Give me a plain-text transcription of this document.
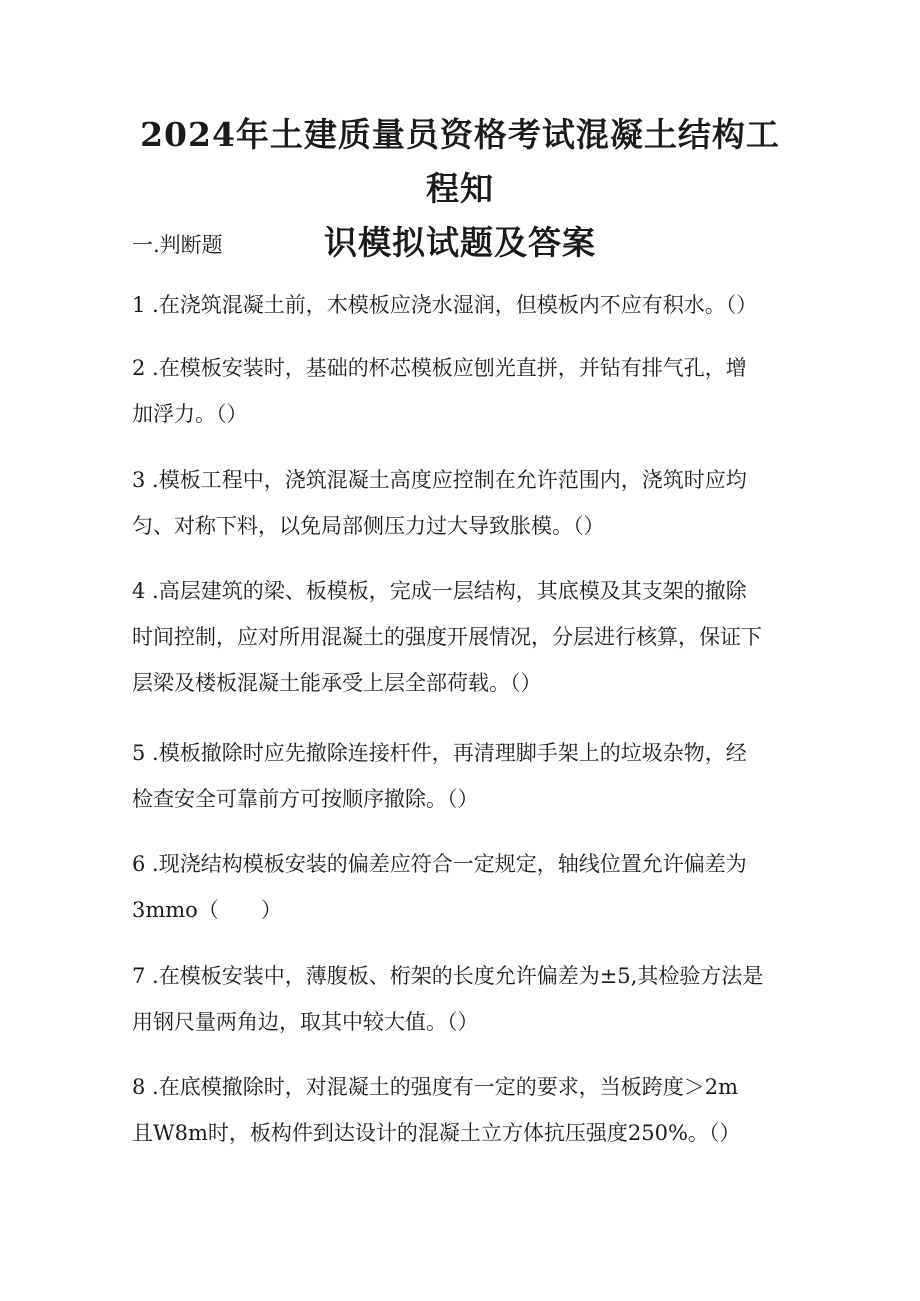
2024年土建质量员资格考试混凝土结构工程知
识模拟试题及答案
一.判断题
1 .在浇筑混凝土前，木模板应浇水湿润，但模板内不应有积水。（）
2 .在模板安装时，基础的杯芯模板应刨光直拼，并钻有排气孔，增
加浮力。（）
3 .模板工程中，浇筑混凝土高度应控制在允许范围内，浇筑时应均
匀、对称下料，以免局部侧压力过大导致胀模。（）
4 .高层建筑的梁、板模板，完成一层结构，其底模及其支架的撤除
时间控制，应对所用混凝土的强度开展情况，分层进行核算，保证下
层梁及楼板混凝土能承受上层全部荷载。（）
5 .模板撤除时应先撤除连接杆件，再清理脚手架上的垃圾杂物，经
检查安全可靠前方可按顺序撤除。（）
6 .现浇结构模板安装的偏差应符合一定规定，轴线位置允许偏差为
3mmo（　　）
7 .在模板安装中，薄腹板、桁架的长度允许偏差为±5,其检验方法是
用钢尺量两角边，取其中较大值。（）
8 .在底模撤除时，对混凝土的强度有一定的要求，当板跨度＞2m
且W8m时，板构件到达设计的混凝土立方体抗压强度250%。（）
